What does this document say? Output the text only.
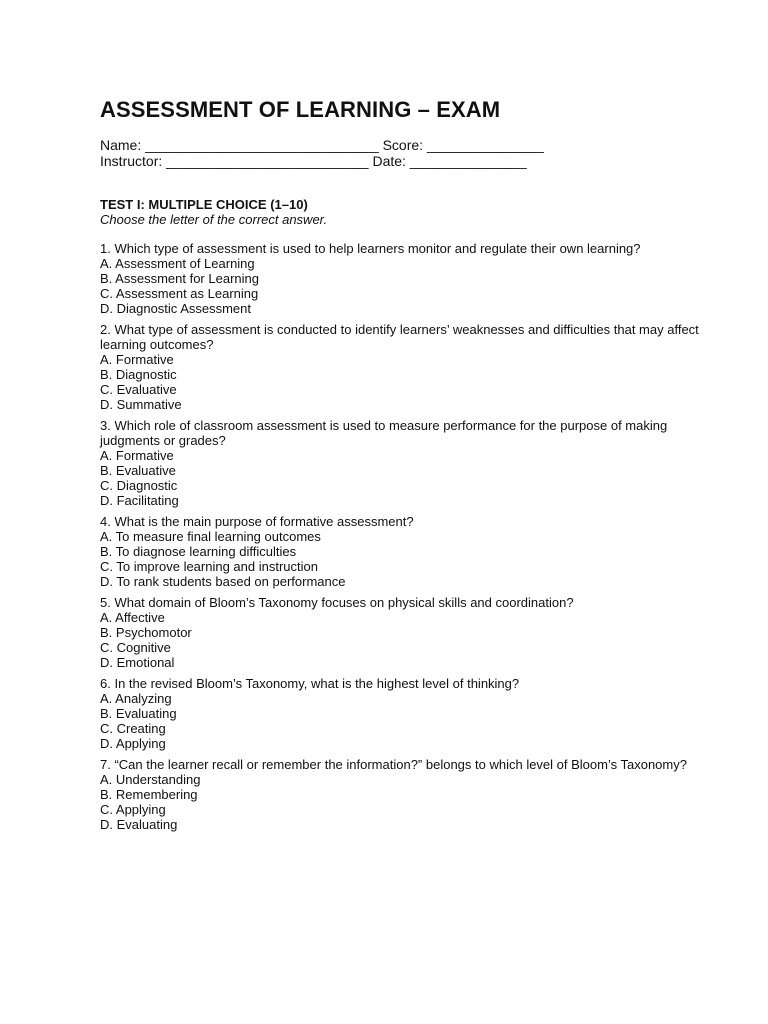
ASSESSMENT OF LEARNING – EXAM
Name: ______________________________ Score: _______________
Instructor: __________________________ Date: _______________
TEST I: MULTIPLE CHOICE (1–10)
Choose the letter of the correct answer.
1. Which type of assessment is used to help learners monitor and regulate their own learning?
A. Assessment of Learning
B. Assessment for Learning
C. Assessment as Learning
D. Diagnostic Assessment
2. What type of assessment is conducted to identify learners’ weaknesses and difficulties that may affect learning outcomes?
A. Formative
B. Diagnostic
C. Evaluative
D. Summative
3. Which role of classroom assessment is used to measure performance for the purpose of making judgments or grades?
A. Formative
B. Evaluative
C. Diagnostic
D. Facilitating
4. What is the main purpose of formative assessment?
A. To measure final learning outcomes
B. To diagnose learning difficulties
C. To improve learning and instruction
D. To rank students based on performance
5. What domain of Bloom’s Taxonomy focuses on physical skills and coordination?
A. Affective
B. Psychomotor
C. Cognitive
D. Emotional
6. In the revised Bloom’s Taxonomy, what is the highest level of thinking?
A. Analyzing
B. Evaluating
C. Creating
D. Applying
7. “Can the learner recall or remember the information?” belongs to which level of Bloom’s Taxonomy?
A. Understanding
B. Remembering
C. Applying
D. Evaluating
